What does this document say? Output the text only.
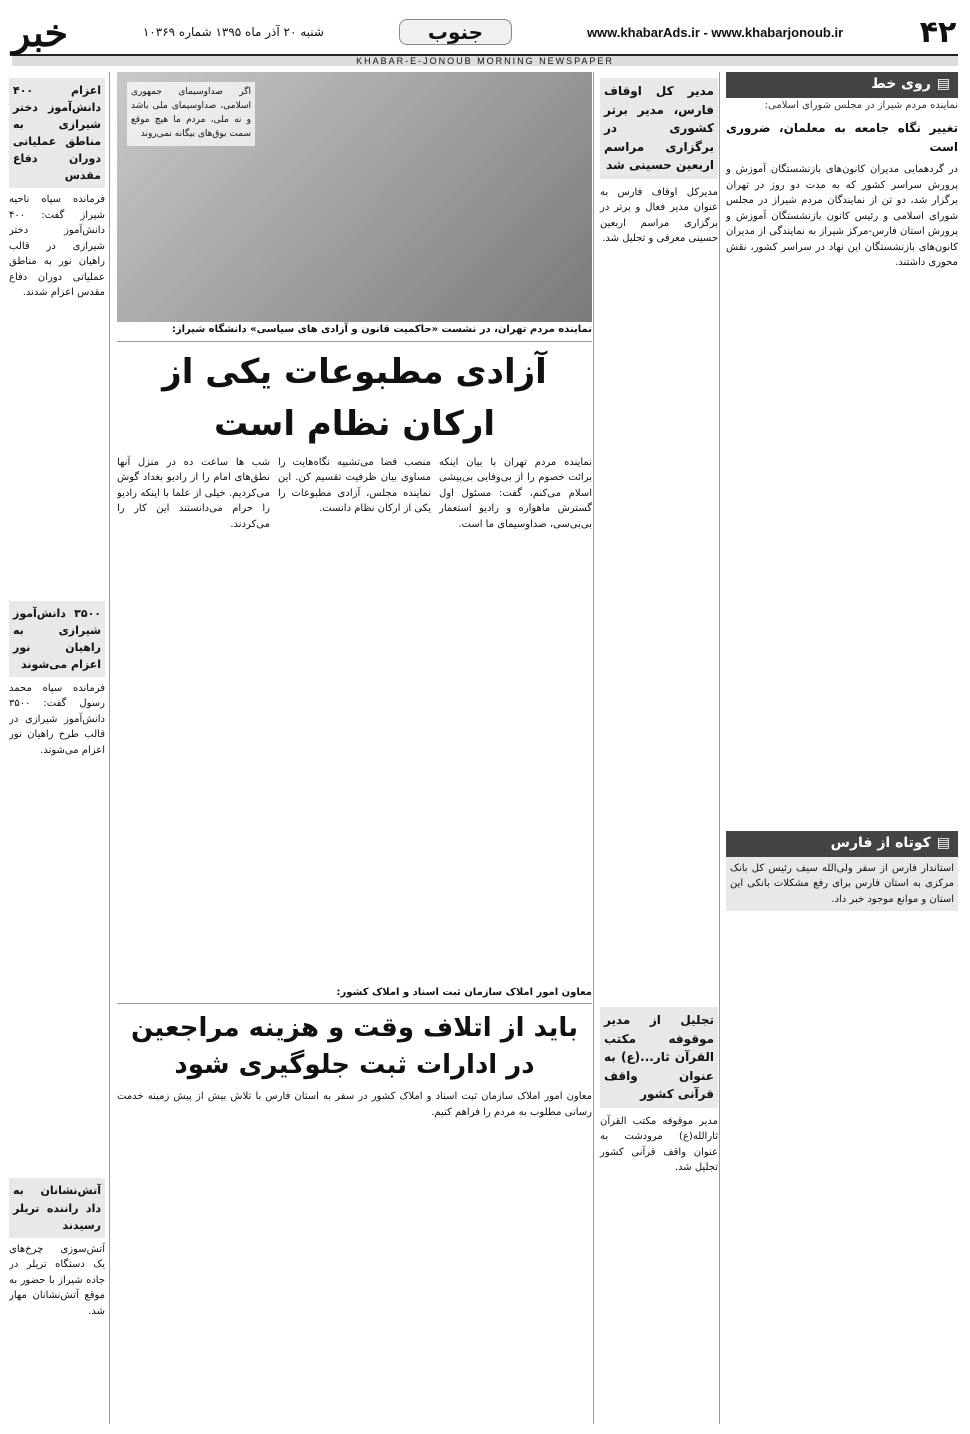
۴۲
www.khabarAds.ir - www.khabarjonoub.ir
جنوب
شنبه ۲۰ آذر ماه ۱۳۹۵ شماره ۱۰۳۶۹
خبر
KHABAR-E-JONOUB MORNING NEWSPAPER
▤
روی خط
نماینده مردم شیراز در مجلس شورای اسلامی:
تغییر نگاه جامعه به معلمان، ضروری است

در گردهمایی مدیران کانون‌های بازنشستگان آموزش و پرورش سراسر کشور که به مدت دو روز در تهران برگزار شد، دو تن از نمایندگان مردم شیراز در مجلس شورای اسلامی و رئیس کانون بازنشستگان آموزش و پرورش استان فارس-مرکز شیراز به نمایندگی از مدیران کانون‌های بازنشستگان این نهاد در سراسر کشور، نقش محوری داشتند.

▤
کوتاه از فارس

استاندار فارس از سفر ولی‌الله سیف رئیس کل بانک مرکزی به استان فارس برای رفع مشکلات بانکی این استان و موانع موجود خبر داد.

مدیر کل اوقاف فارس، مدیر برتر کشوری در برگزاری مراسم اربعین حسینی شد

مدیرکل اوقاف فارس به عنوان مدیر فعال و برتر در برگزاری مراسم اربعین حسینی معرفی و تجلیل شد.

تجلیل از مدیر موقوفه مکتب القرآن ثار...(ع) به عنوان واقف قرآنی کشور

مدیر موقوفه مکتب القرآن ثارالله(ع) مرودشت به عنوان واقف قرآنی کشور تجلیل شد.

اگر صداوسیمای جمهوری اسلامی، صداوسیمای ملی باشد و نه ملی، مردم ما هیچ موقع سمت بوق‌های بیگانه نمی‌روند
نماینده مردم تهران، در نشست «حاکمیت قانون و آزادی های سیاسی» دانشگاه شیراز:
آزادی مطبوعات یکی از ارکان نظام است

نماینده مردم تهران با بیان اینکه برائت خصوم را از بی‌وفایی بی‌پیشی اسلام می‌کنم، گفت: مسئول اول گسترش ماهواره و رادیو استعمار بی‌بی‌سی، صداوسیمای ما است.

منصب قضا می‌تشبیه نگاه‌هایت را مساوی بیان ظرفیت تقسیم کن. این نماینده مجلس، آزادی مطبوعات را یکی از ارکان نظام دانست.

شب ها ساعت ده در منزل آنها نطق‌های امام را از رادیو بغداد گوش می‌کردیم. خیلی از علما با اینکه رادیو را حرام می‌دانستند این کار را می‌کردند.

معاون امور املاک سازمان ثبت اسناد و املاک کشور:
باید از اتلاف وقت و هزینه مراجعین در ادارات ثبت جلوگیری شود

معاون امور املاک سازمان ثبت اسناد و املاک کشور در سفر به استان فارس با تلاش بیش از پیش زمینه خدمت رسانی مطلوب به مردم را فراهم کنیم.

اعزام ۴۰۰ دانش‌آموز دختر شیرازی به مناطق عملیاتی دوران دفاع مقدس

فرمانده سپاه ناحیه شیراز گفت: ۴۰۰ دانش‌آموز دختر شیرازی در قالب راهیان نور به مناطق عملیاتی دوران دفاع مقدس اعزام شدند.

۳۵۰۰ دانش‌آموز شیرازی به راهیان نور اعزام می‌شوند

فرمانده سپاه محمد رسول گفت: ۳۵۰۰ دانش‌آموز شیرازی در قالب طرح راهیان نور اعزام می‌شوند.

آتش‌نشانان به داد راننده تریلر رسیدند

آتش‌سوزی چرخ‌های یک دستگاه تریلر در جاده شیراز با حضور به موقع آتش‌نشانان مهار شد.
